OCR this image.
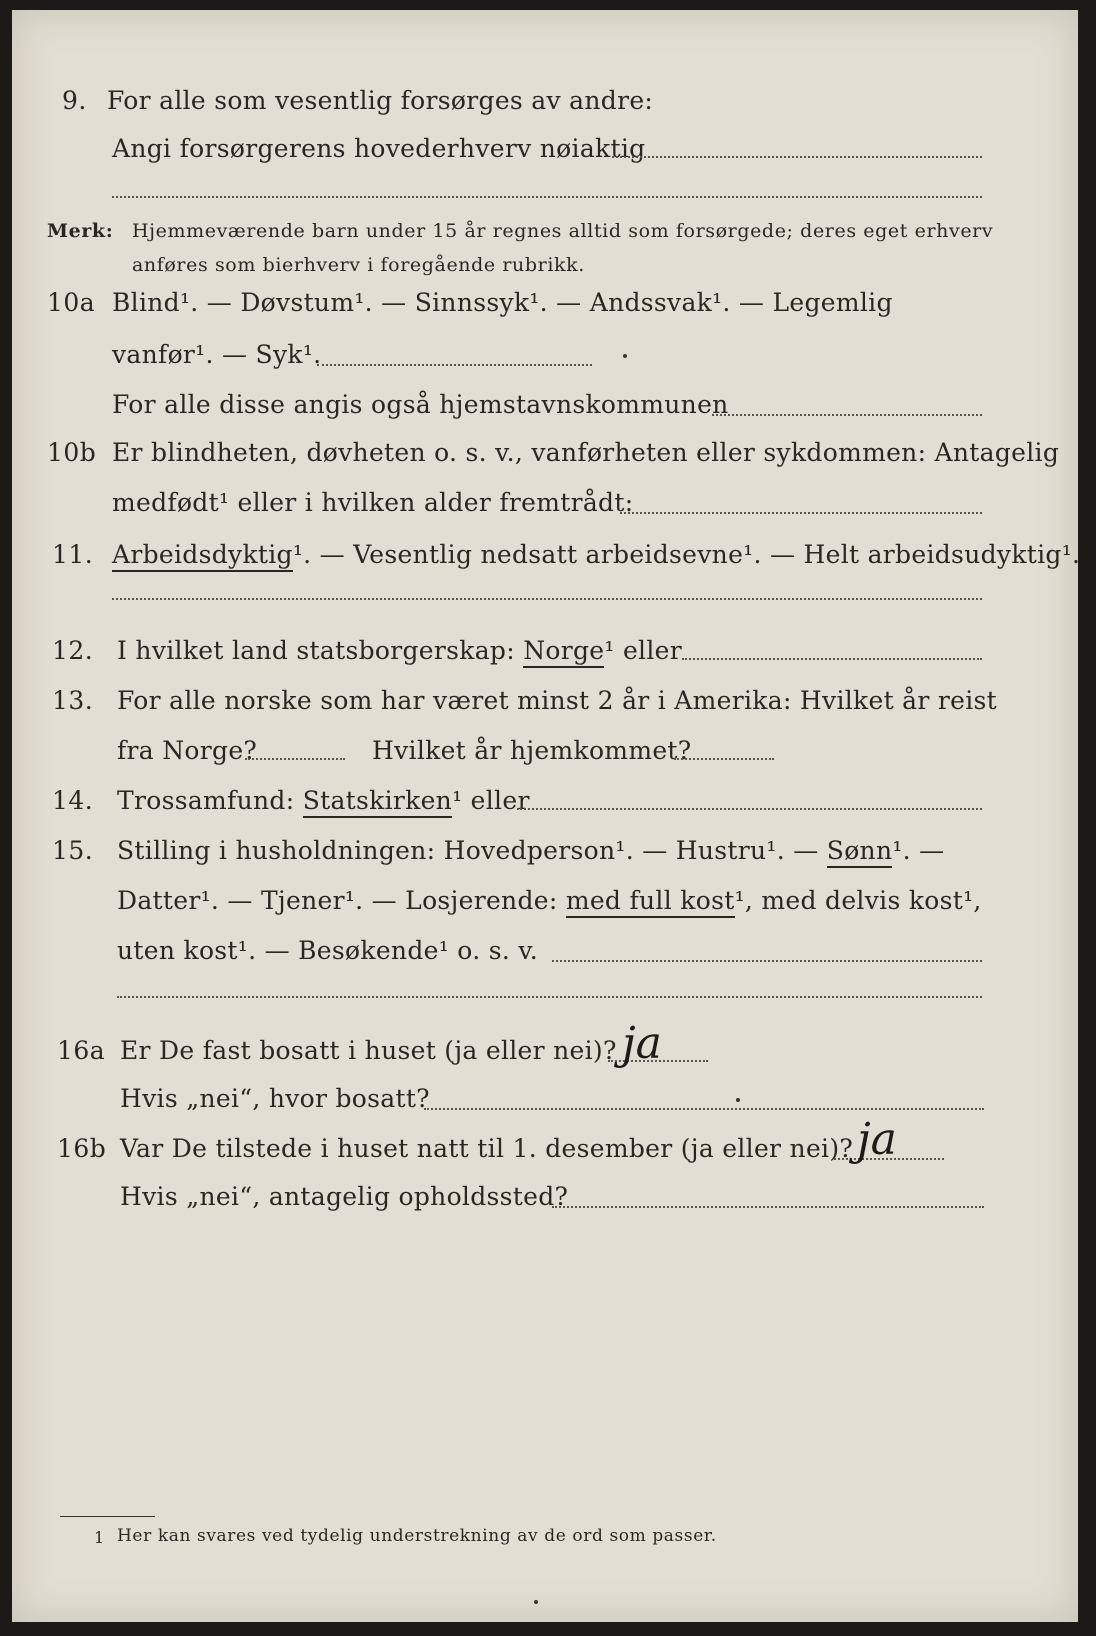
9. For alle som vesentlig forsørges av andre:
Angi forsørgerens hovederhverv nøiaktig
Merk: Hjemmeværende barn under 15 år regnes alltid som forsørgede; deres eget erhverv
anføres som bierhverv i foregående rubrikk.
10a Blind¹. — Døvstum¹. — Sinnssyk¹. — Andssvak¹. — Legemlig
vanfør¹. — Syk¹.
For alle disse angis også hjemstavnskommunen
10b Er blindheten, døvheten o. s. v., vanførheten eller sykdommen: Antagelig
medfødt¹ eller i hvilken alder fremtrådt:
11. Arbeidsdyktig¹. — Vesentlig nedsatt arbeidsevne¹. — Helt arbeidsudyktig¹.
12. I hvilket land statsborgerskap: Norge¹ eller
13. For alle norske som har været minst 2 år i Amerika: Hvilket år reist
fra Norge?	Hvilket år hjemkommet?
14. Trossamfund: Statskirken¹ eller
15. Stilling i husholdningen: Hovedperson¹. — Hustru¹. — Sønn¹. —
Datter¹. — Tjener¹. — Losjerende: med full kost¹, med delvis kost¹,
uten kost¹. — Besøkende¹ o. s. v.
16a Er De fast bosatt i huset (ja eller nei)? ja
Hvis „nei“, hvor bosatt?
16b Var De tilstede i huset natt til 1. desember (ja eller nei)? ja
Hvis „nei“, antagelig opholdssted?
1 Her kan svares ved tydelig understrekning av de ord som passer.
